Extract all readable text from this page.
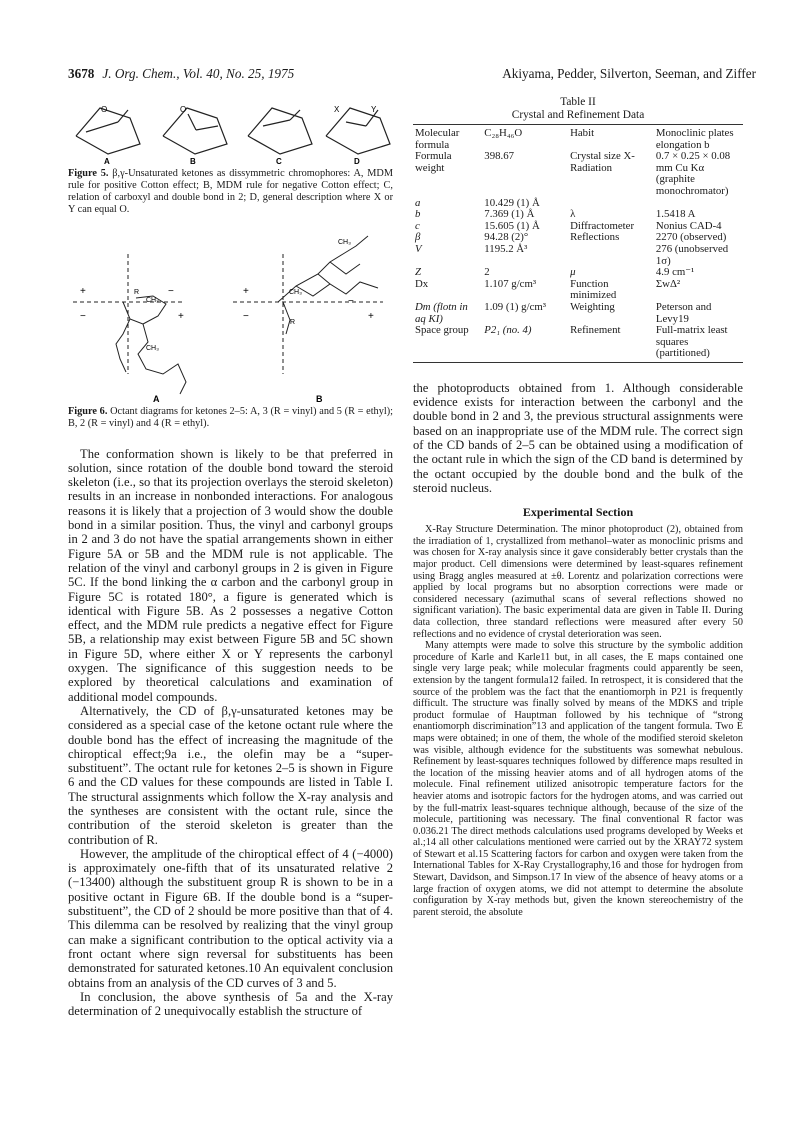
3678 J. Org. Chem., Vol. 40, No. 25, 1975	Akiyama, Pedder, Silverton, Seeman, and Ziffer
O	O	X	Y
A	B	C	D
Figure 5. β,γ-Unsaturated ketones as dissymmetric chromophores: A, MDM rule for positive Cotton effect; B, MDM rule for negative Cotton effect; C, relation of carboxyl and double bond in 2; D, general description where X or Y can equal O.
+	−
+
−
+
+
−
−
R
CH₃
CH₃
CH₃
CH₃
R
A	B
Figure 6. Octant diagrams for ketones 2–5: A, 3 (R = vinyl) and 5 (R = ethyl); B, 2 (R = vinyl) and 4 (R = ethyl).

The conformation shown is likely to be that preferred in solution, since rotation of the double bond toward the steroid skeleton (i.e., so that its projection overlays the steroid skeleton) results in an increase in nonbonded interactions. For analogous reasons it is likely that a projection of 3 would show the double bond in a similar position. Thus, the vinyl and carbonyl groups in 2 and 3 do not have the spatial arrangements shown in either Figure 5A or 5B and the MDM rule is not applicable. The relation of the vinyl and carbonyl groups in 2 is given in Figure 5C. If the bond linking the α carbon and the carbonyl group in Figure 5C is rotated 180°, a figure is generated which is identical with Figure 5B. As 2 possesses a negative Cotton effect, and the MDM rule predicts a negative effect for Figure 5B, a relationship may exist between Figure 5B and 5C shown in Figure 5D, where either X or Y represents the carbonyl oxygen. The significance of this suggestion needs to be explored by theoretical calculations and examination of additional model compounds.

Alternatively, the CD of β,γ-unsaturated ketones may be considered as a special case of the ketone octant rule where the double bond has the effect of increasing the magnitude of the chiroptical effect;9a i.e., the olefin may be a “super-substituent”. The octant rule for ketones 2–5 is shown in Figure 6 and the CD values for these compounds are listed in Table I. The structural assignments which follow the X-ray analysis and the syntheses are consistent with the octant rule, since the contribution of the steroid skeleton is greater than the contribution of R.

However, the amplitude of the chiroptical effect of 4 (−4000) is approximately one-fifth that of its unsaturated relative 2 (−13400) although the substituent group R is shown to be in a positive octant in Figure 6B. If the double bond is a “super-substituent”, the CD of 2 should be more positive than that of 4. This dilemma can be resolved by realizing that the vinyl group can make a significant contribution to the optical activity via a front octant where sign reversal for substituents has been demonstrated for saturated ketones.10 An equivalent conclusion obtains from an analysis of the CD curves of 3 and 5.

In conclusion, the above synthesis of 5a and the X-ray determination of 2 unequivocally establish the structure of

Table II
Crystal and Refinement Data
Molecular formula	C₂₈H₄₆O	Habit	Monoclinic plates elongation b
Formula weight	398.67	Crystal size X-Radiation	0.7 × 0.25 × 0.08 mm Cu Kα (graphite monochromator)
a	10.429 (1) Å		
b	7.369 (1) Å	λ	1.5418 A
c	15.605 (1) Å	Diffractometer	Nonius CAD-4
β	94.28 (2)°	Reflections	2270 (observed)
V	1195.2 Å³		276 (unobserved 1σ)
Z	2	μ	4.9 cm⁻¹
Dx	1.107 g/cm³	Function minimized	ΣwΔ²
Dm (flotn in aq KI)	1.09 (1) g/cm³	Weighting	Peterson and Levy19
Space group	P2₁ (no. 4)	Refinement	Full-matrix least squares (partitioned)

the photoproducts obtained from 1. Although considerable evidence exists for interaction between the carbonyl and the double bond in 2 and 3, the previous structural assignments were based on an inappropriate use of the MDM rule. The correct sign of the CD bands of 2–5 can be obtained using a modification of the octant rule in which the sign of the CD band is determined by the octant occupied by the double bond and the bulk of the steroid nucleus.

Experimental Section

X-Ray Structure Determination. The minor photoproduct (2), obtained from the irradiation of 1, crystallized from methanol–water as monoclinic prisms and was chosen for X-ray analysis since it gave considerably better crystals than the major product. Cell dimensions were determined by least-squares refinement using Bragg angles measured at ±θ. Lorentz and polarization corrections were applied by local programs but no absorption corrections were made or considered necessary (azimuthal scans of several reflections showed no significant variation). The basic experimental data are given in Table II. During data collection, three standard reflections were measured after every 50 reflections and no evidence of crystal deterioration was seen.

Many attempts were made to solve this structure by the symbolic addition procedure of Karle and Karle11 but, in all cases, the E maps contained one single very large peak; while molecular fragments could apparently be seen, extension by the tangent formula12 failed. In retrospect, it is considered that the source of the problem was the fact that the enantiomorph in P21 is frequently difficult. The structure was finally solved by means of the MDKS and triple product formulae of Hauptman followed by his technique of “strong enantiomorph discrimination”13 and application of the tangent formula. Two E maps were obtained; in one of them, the whole of the modified steroid skeleton was visible, although evidence for the substituents was somewhat nebulous. Refinement by least-squares techniques followed by difference maps resulted in the location of the missing heavier atoms and of all hydrogen atoms of the molecule. Final refinement utilized anisotropic temperature factors for the heavier atoms and isotropic factors for the hydrogen atoms, and was carried out by the full-matrix least-squares technique although, because of the size of the molecule, partitioning was necessary. The final conventional R factor was 0.036.21 The direct methods calculations used programs developed by Weeks et al.;14 all other calculations mentioned were carried out by the XRAY72 system of Stewart et al.15 Scattering factors for carbon and oxygen were taken from the International Tables for X-Ray Crystallography,16 and those for hydrogen from Stewart, Davidson, and Simpson.17 In view of the absence of heavy atoms or a large fraction of oxygen atoms, we did not attempt to determine the absolute configuration by X-ray methods but, given the known stereochemistry of the parent steroid, the absolute
